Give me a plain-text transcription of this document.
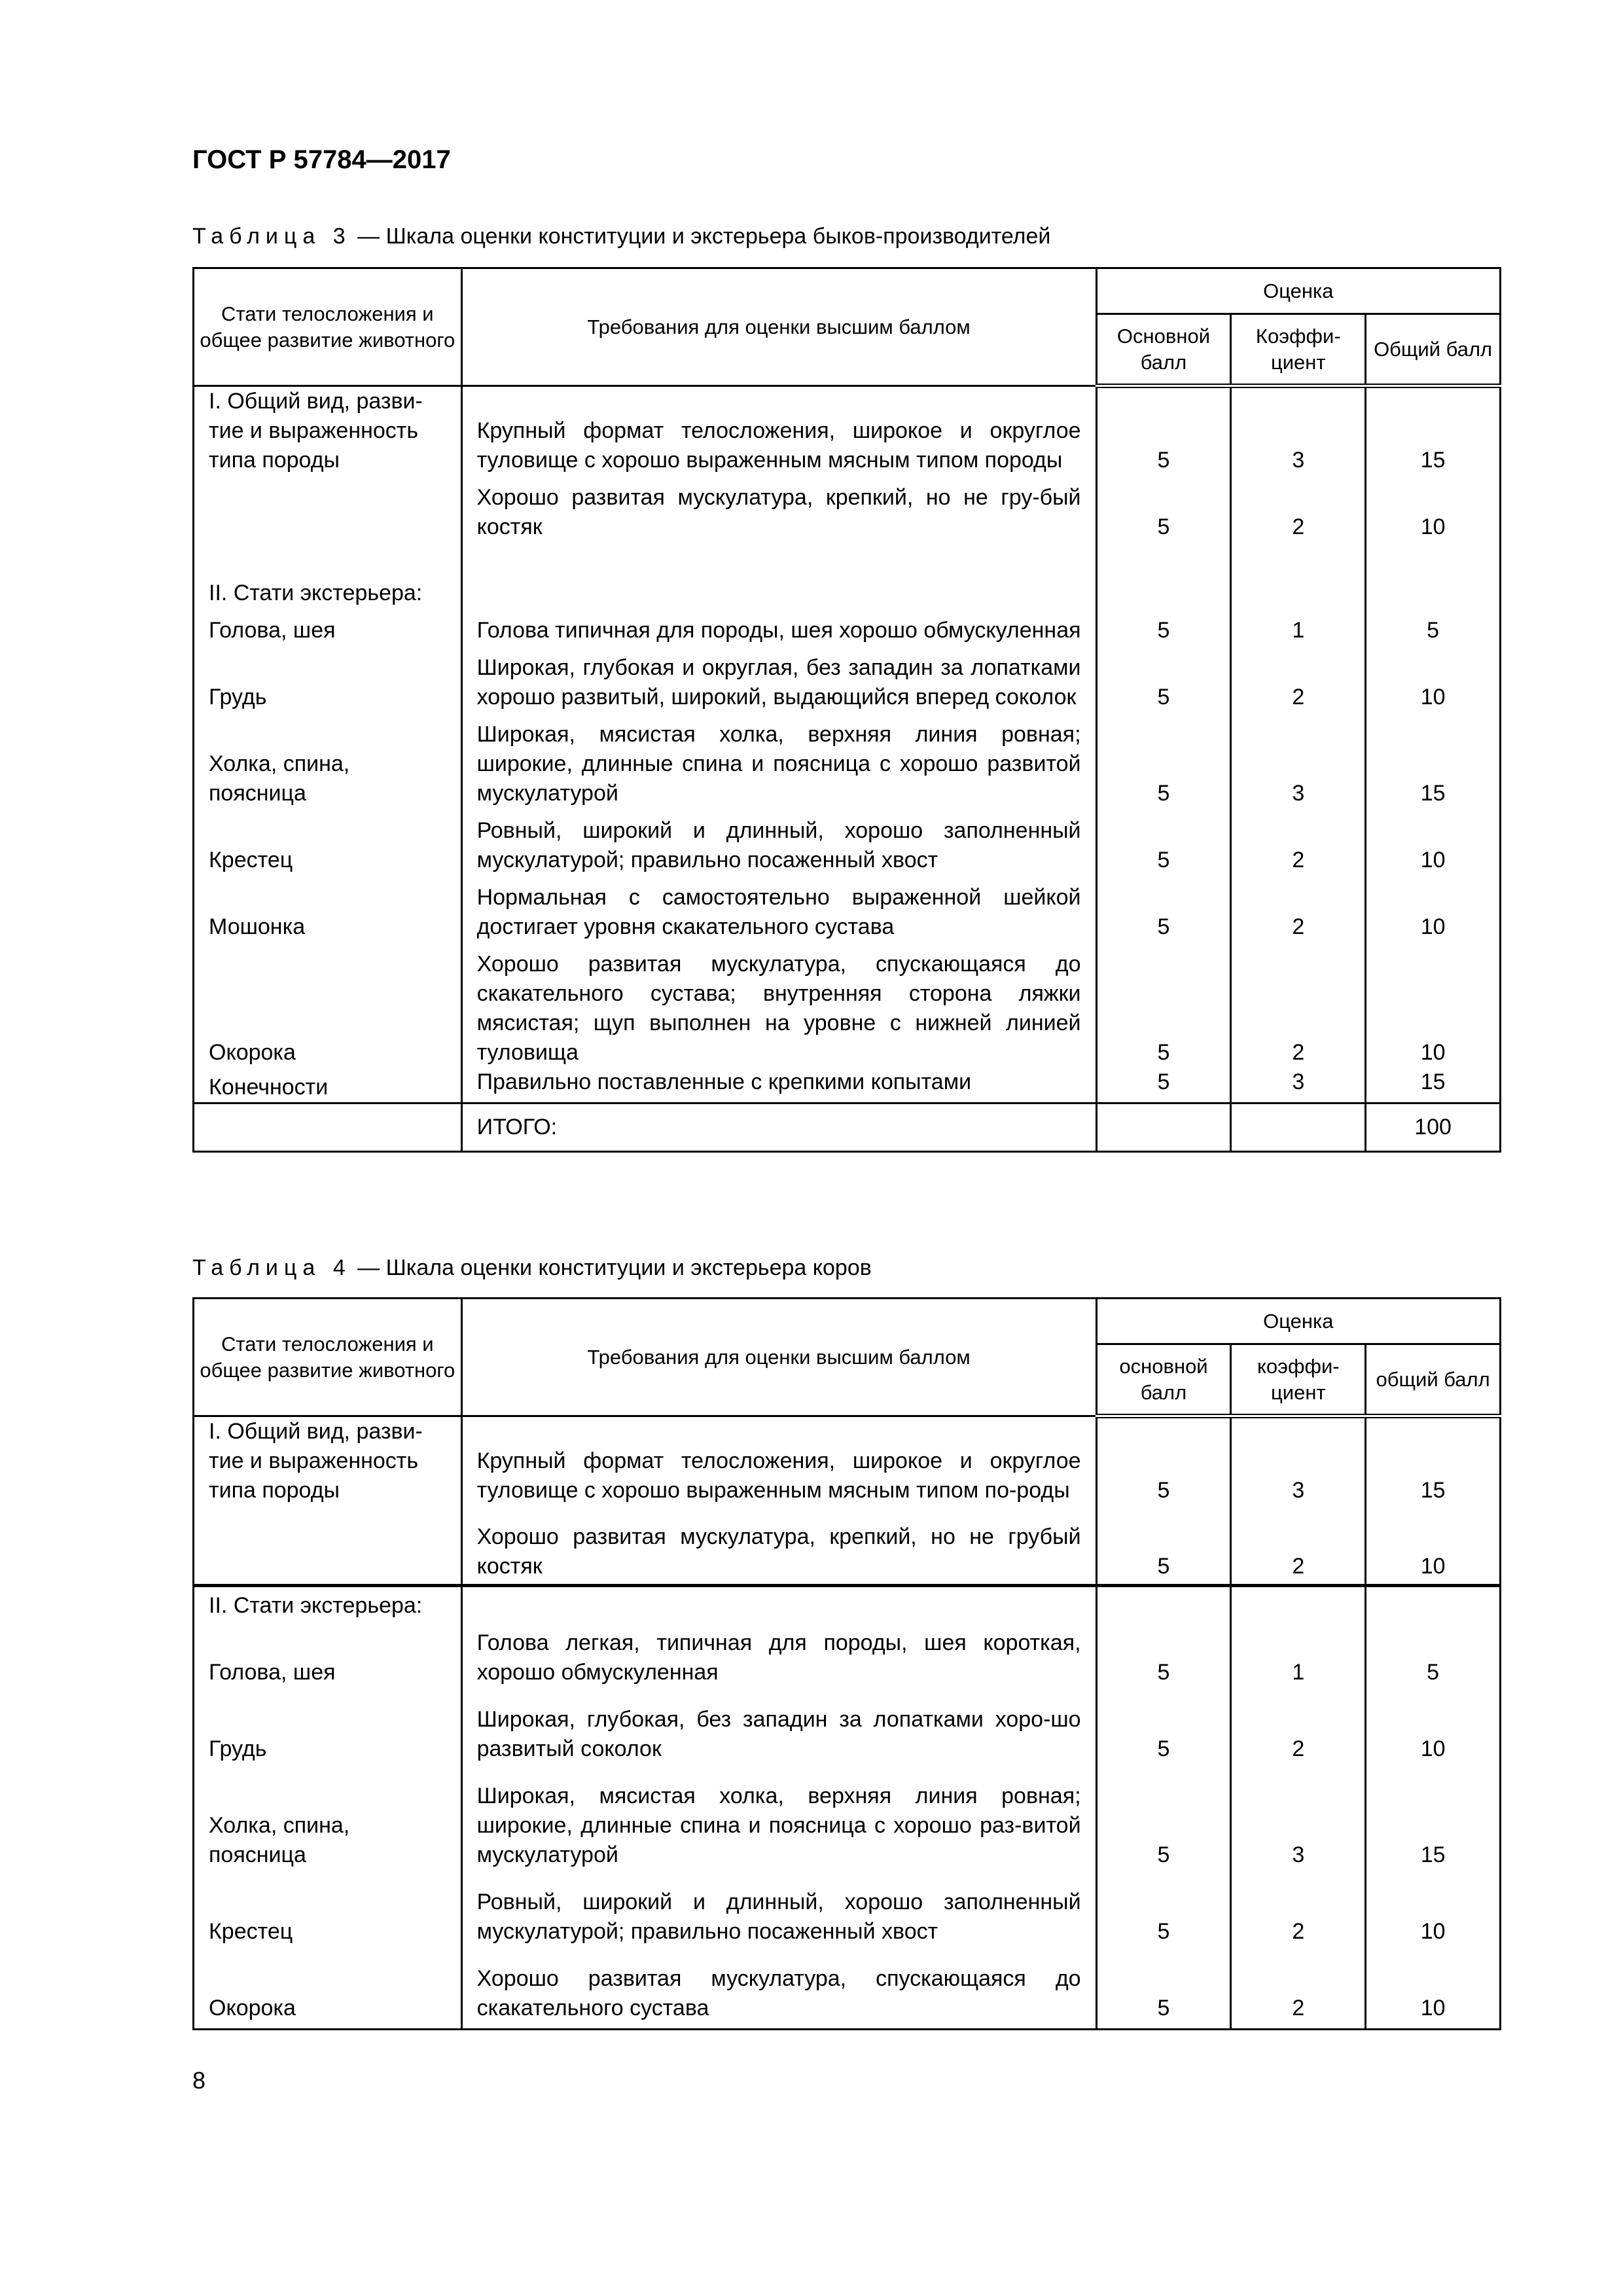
ГОСТ Р 57784—2017
Таблица 3 — Шкала оценки конституции и экстерьера быков-производителей
Стати телосложения и общее развитие животного	Требования для оценки высшим баллом	Оценка		
		Основной балл	Коэффи-циент	Общий балл
I. Общий вид, разви-тие и выраженность типа породы	Крупный формат телосложения, широкое и округлое туловище с хорошо выраженным мясным типом породы	5	3	15
	Хорошо развитая мускулатура, крепкий, но не гру-бый костяк	5	2	10
II. Стати экстерьера:				
Голова, шея	Голова типичная для породы, шея хорошо обмускуленная	5	1	5
Грудь	Широкая, глубокая и округлая, без западин за лопатками хорошо развитый, широкий, выдающийся вперед соколок	5	2	10
Холка, спина, поясница	Широкая, мясистая холка, верхняя линия ровная; широкие, длинные спина и поясница с хорошо развитой мускулатурой	5	3	15
Крестец	Ровный, широкий и длинный, хорошо заполненный мускулатурой; правильно посаженный хвост	5	2	10
Мошонка	Нормальная с самостоятельно выраженной шейкой достигает уровня скакательного сустава	5	2	10
Окорока	Хорошо развитая мускулатура, спускающаяся до скакательного сустава; внутренняя сторона ляжки мясистая; щуп выполнен на уровне с нижней линией туловища	5	2	10
Конечности	Правильно поставленные с крепкими копытами	5	3	15
	ИТОГО:			100
Таблица 4 — Шкала оценки конституции и экстерьера коров
Стати телосложения и общее развитие животного	Требования для оценки высшим баллом	Оценка		
		основной балл	коэффи-циент	общий балл
I. Общий вид, разви-тие и выраженность типа породы	Крупный формат телосложения, широкое и округлое туловище с хорошо выраженным мясным типом по-роды	5	3	15
	Хорошо развитая мускулатура, крепкий, но не грубый костяк	5	2	10
II. Стати экстерьера:				
Голова, шея	Голова легкая, типичная для породы, шея короткая, хорошо обмускуленная	5	1	5
Грудь	Широкая, глубокая, без западин за лопатками хоро-шо развитый соколок	5	2	10
Холка, спина, поясница	Широкая, мясистая холка, верхняя линия ровная; широкие, длинные спина и поясница с хорошо раз-витой мускулатурой	5	3	15
Крестец	Ровный, широкий и длинный, хорошо заполненный мускулатурой; правильно посаженный хвост	5	2	10
Окорока	Хорошо развитая мускулатура, спускающаяся до скакательного сустава	5	2	10
8
